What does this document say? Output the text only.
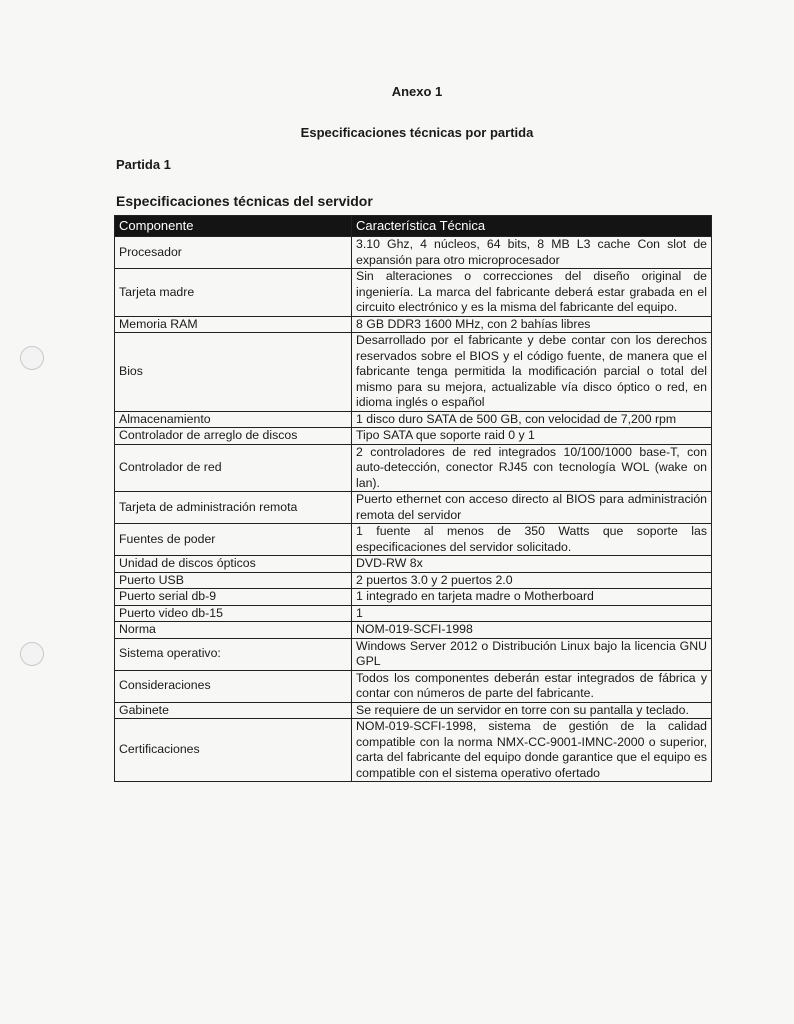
Anexo 1
Especificaciones técnicas por partida
Partida 1
Especificaciones técnicas del servidor
Componente	Característica Técnica
Procesador	3.10 Ghz, 4 núcleos, 64 bits, 8 MB L3 cache Con slot de expansión para otro microprocesador
Tarjeta madre	Sin alteraciones o correcciones del diseño original de ingeniería. La marca del fabricante deberá estar grabada en el circuito electrónico y es la misma del fabricante del equipo.
Memoria RAM	8 GB DDR3 1600 MHz, con 2 bahías libres
Bios	Desarrollado por el fabricante y debe contar con los derechos reservados sobre el BIOS y el código fuente, de manera que el fabricante tenga permitida la modificación parcial o total del mismo para su mejora, actualizable vía disco óptico o red, en idioma inglés o español
Almacenamiento	1 disco duro SATA de 500 GB, con velocidad de 7,200 rpm
Controlador de arreglo de discos	Tipo SATA que soporte raid 0 y 1
Controlador de red	2 controladores de red integrados 10/100/1000 base-T, con auto-detección, conector RJ45 con tecnología WOL (wake on lan).
Tarjeta de administración remota	Puerto ethernet con acceso directo al BIOS para administración remota del servidor
Fuentes de poder	1 fuente al menos de 350 Watts que soporte las especificaciones del servidor solicitado.
Unidad de discos ópticos	DVD-RW 8x
Puerto USB	2 puertos 3.0 y 2 puertos 2.0
Puerto serial db-9	1 integrado en tarjeta madre o Motherboard
Puerto video db-15	1
Norma	NOM-019-SCFI-1998
Sistema operativo:	Windows Server 2012 o Distribución Linux bajo la licencia GNU GPL
Consideraciones	Todos los componentes deberán estar integrados de fábrica y contar con números de parte del fabricante.
Gabinete	Se requiere de un servidor en torre con su pantalla y teclado.
Certificaciones	NOM-019-SCFI-1998, sistema de gestión de la calidad compatible con la norma NMX-CC-9001-IMNC-2000 o superior, carta del fabricante del equipo donde garantice que el equipo es compatible con el sistema operativo ofertado
